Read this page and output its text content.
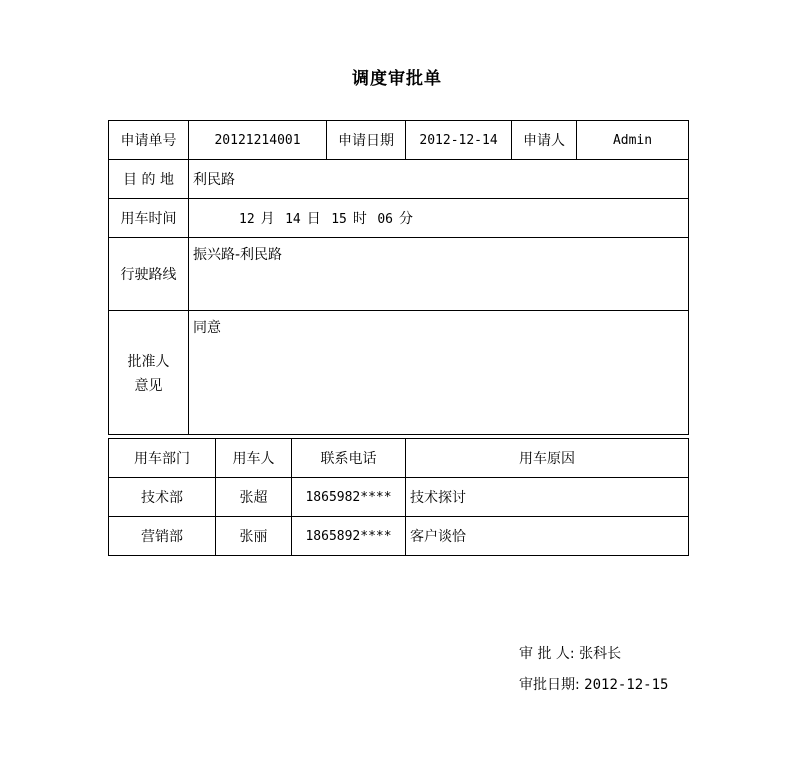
调度审批单
申请单号	20121214001			申请日期	2012-12-14	申请人	Admin
目 的 地	利民路						
用车时间	12 月 14 日 15 时 06 分						
行驶路线	振兴路-利民路						

批准人
意见	同意						

用车部门		用车人	联系电话		用车原因		
技术部		张超	1865982****		技术探讨		
营销部		张丽	1865892****		客户谈恰		
审 批 人: 张科长
审批日期: 2012-12-15
